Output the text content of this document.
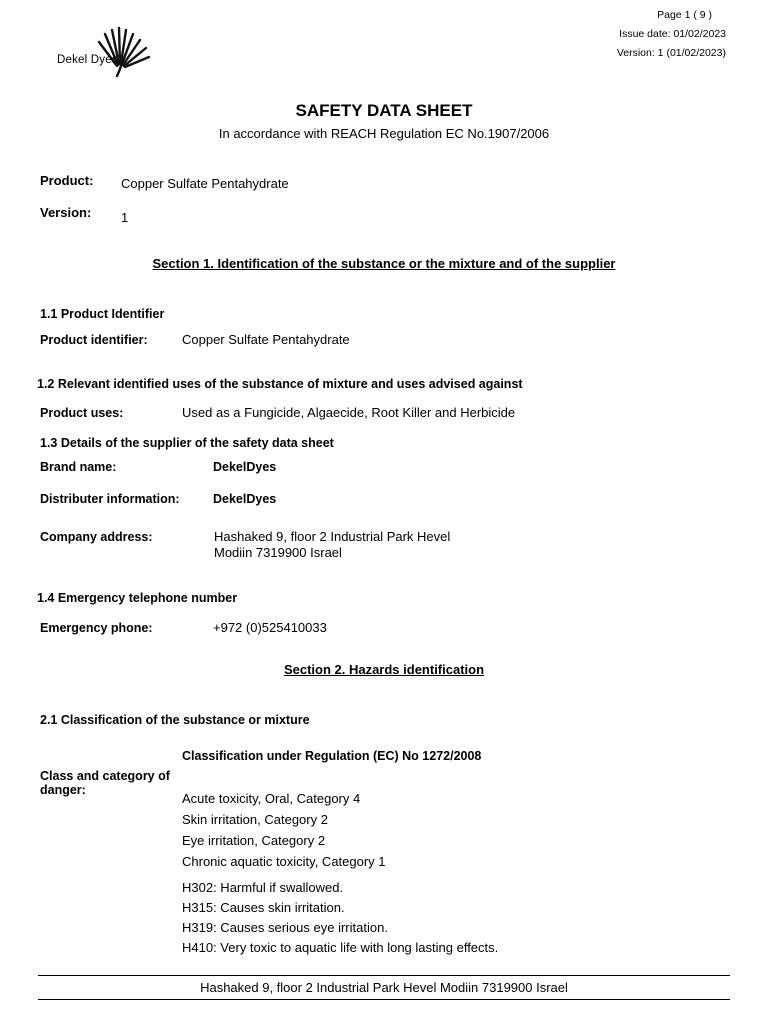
Dekel Dyes
Page 1 ( 9 )
Issue date: 01/02/2023
Version: 1 (01/02/2023)
SAFETY DATA SHEET
In accordance with REACH Regulation EC No.1907/2006
Product: Copper Sulfate Pentahydrate
Version: 1
Section 1. Identification of the substance or the mixture and of the supplier
1.1 Product Identifier
Product identifier:	Copper Sulfate Pentahydrate
1.2 Relevant identified uses of the substance of mixture and uses advised against
Product uses:	Used as a Fungicide, Algaecide, Root Killer and Herbicide
1.3 Details of the supplier of the safety data sheet
Brand name:	DekelDyes
Distributer information:	DekelDyes
Company address:	Hashaked 9, floor 2 Industrial Park Hevel
Modiin 7319900 Israel
1.4 Emergency telephone number
Emergency phone:	+972 (0)525410033
Section 2. Hazards identification
2.1 Classification of the substance or mixture
Classification under Regulation (EC) No 1272/2008
Class and category of
danger:
Acute toxicity, Oral, Category 4
Skin irritation, Category 2
Eye irritation, Category 2
Chronic aquatic toxicity, Category 1
H302: Harmful if swallowed.
H315: Causes skin irritation.
H319: Causes serious eye irritation.
H410: Very toxic to aquatic life with long lasting effects.
Hashaked 9, floor 2 Industrial Park Hevel Modiin 7319900 Israel
